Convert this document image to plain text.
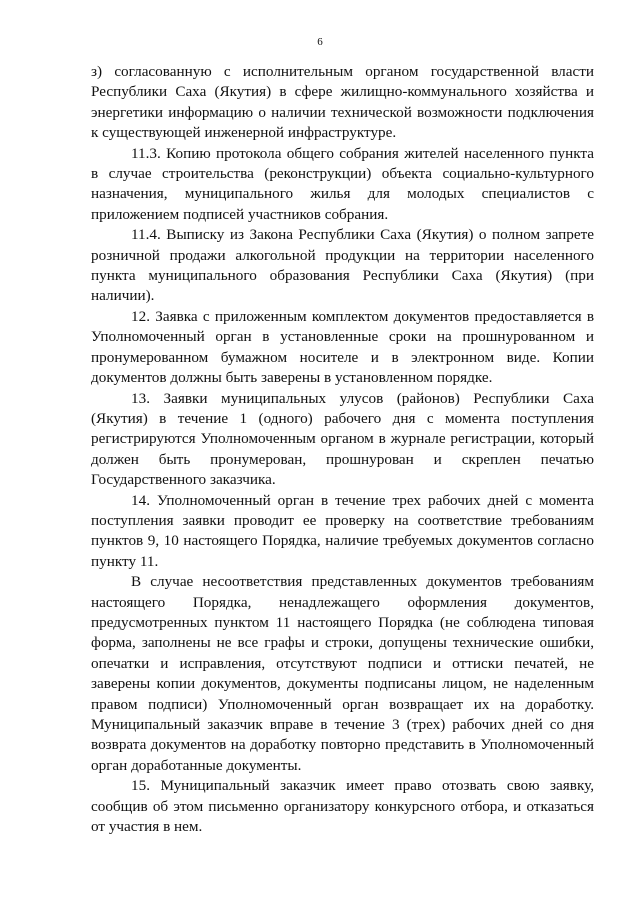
6

з) согласованную с исполнительным органом государственной власти Республики Саха (Якутия) в сфере жилищно-коммунального хозяйства и энергетики информацию о наличии технической возможности подключения к существующей инженерной инфраструктуре.

11.3. Копию протокола общего собрания жителей населенного пункта в случае строительства (реконструкции) объекта социально-культурного назначения, муниципального жилья для молодых специалистов с приложением подписей участников собрания.

11.4. Выписку из Закона Республики Саха (Якутия) о полном запрете розничной продажи алкогольной продукции на территории населенного пункта муниципального образования Республики Саха (Якутия) (при наличии).

12. Заявка с приложенным комплектом документов предоставляется в Уполномоченный орган в установленные сроки на прошнурованном и пронумерованном бумажном носителе и в электронном виде. Копии документов должны быть заверены в установленном порядке.

13. Заявки муниципальных улусов (районов) Республики Саха (Якутия) в течение 1 (одного) рабочего дня с момента поступления регистрируются Уполномоченным органом в журнале регистрации, который должен быть пронумерован, прошнурован и скреплен печатью Государственного заказчика.

14. Уполномоченный орган в течение трех рабочих дней с момента поступления заявки проводит ее проверку на соответствие требованиям пунктов 9, 10 настоящего Порядка, наличие требуемых документов согласно пункту 11.

В случае несоответствия представленных документов требованиям настоящего Порядка, ненадлежащего оформления документов, предусмотренных пунктом 11 настоящего Порядка (не соблюдена типовая форма, заполнены не все графы и строки, допущены технические ошибки, опечатки и исправления, отсутствуют подписи и оттиски печатей, не заверены копии документов, документы подписаны лицом, не наделенным правом подписи) Уполномоченный орган возвращает их на доработку. Муниципальный заказчик вправе в течение 3 (трех) рабочих дней со дня возврата документов на доработку повторно представить в Уполномоченный орган доработанные документы.

15. Муниципальный заказчик имеет право отозвать свою заявку, сообщив об этом письменно организатору конкурсного отбора, и отказаться от участия в нем.
